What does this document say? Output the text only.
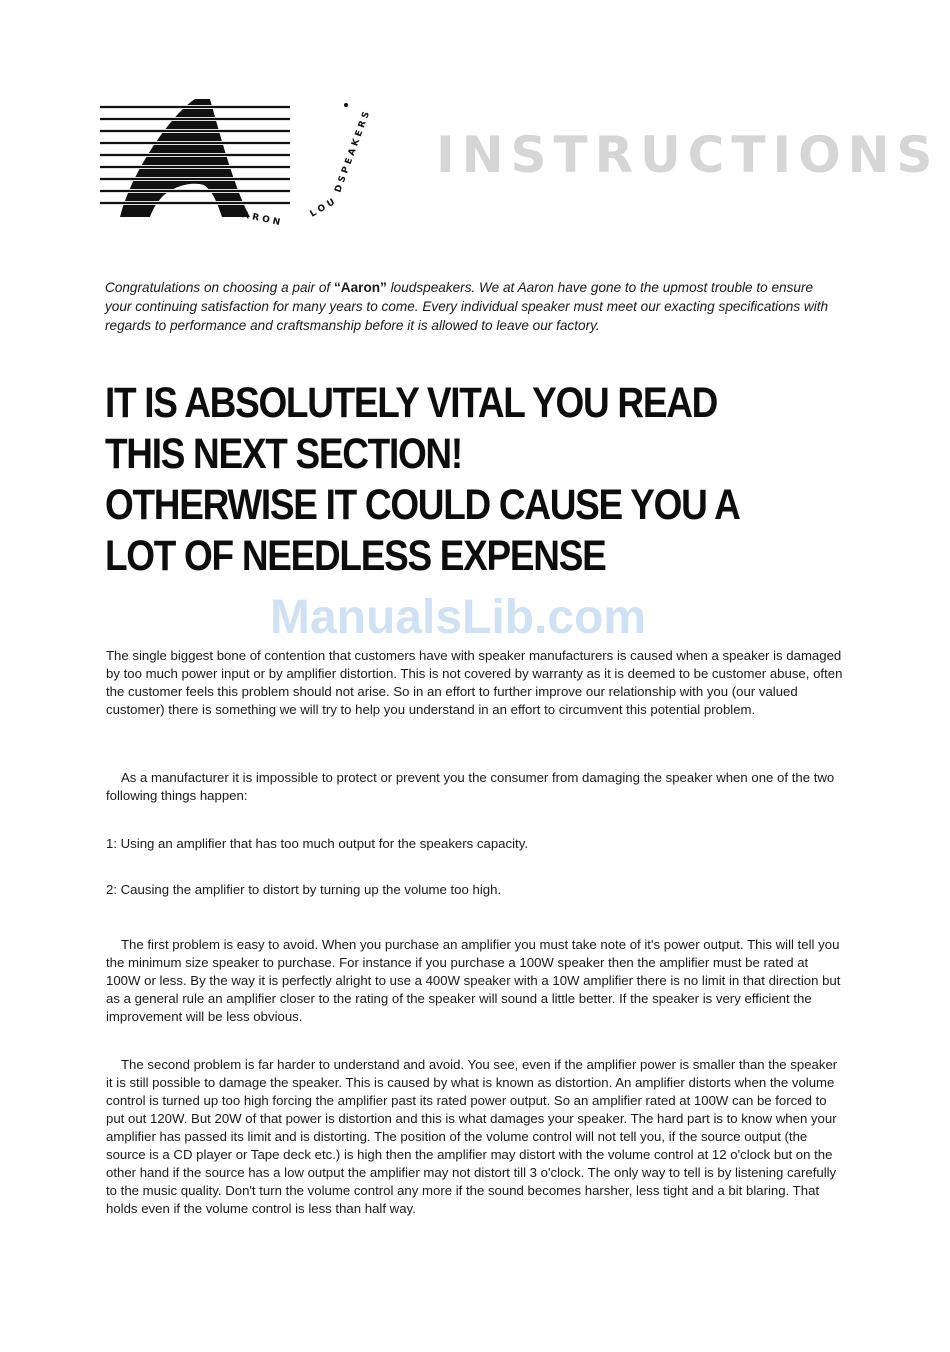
A A R O N	L O U
D S P E A K E R S INSTRUCTIONS
Congratulations on choosing a pair of “Aaron” loudspeakers. We at Aaron have gone to the upmost trouble to ensure your continuing satisfaction for many years to come. Every individual speaker must meet our exacting specifications with regards to performance and craftsmanship before it is allowed to leave our factory.
IT IS ABSOLUTELY VITAL YOU READ
THIS NEXT SECTION!
OTHERWISE IT COULD CAUSE YOU A
LOT OF NEEDLESS EXPENSE
ManualsLib.com
The single biggest bone of contention that customers have with speaker manufacturers is caused when a speaker is damaged by too much power input or by amplifier distortion. This is not covered by warranty as it is deemed to be customer abuse, often the customer feels this problem should not arise. So in an effort to further improve our relationship with you (our valued customer) there is something we will try to help you understand in an effort to circumvent this potential problem.
As a manufacturer it is impossible to protect or prevent you the consumer from damaging the speaker when one of the two following things happen:
1: Using an amplifier that has too much output for the speakers capacity.
2: Causing the amplifier to distort by turning up the volume too high.
The first problem is easy to avoid. When you purchase an amplifier you must take note of it's power output. This will tell you the minimum size speaker to purchase. For instance if you purchase a 100W speaker then the amplifier must be rated at 100W or less. By the way it is perfectly alright to use a 400W speaker with a 10W amplifier there is no limit in that direction but as a general rule an amplifier closer to the rating of the speaker will sound a little better. If the speaker is very efficient the improvement will be less obvious.
The second problem is far harder to understand and avoid. You see, even if the amplifier power is smaller than the speaker it is still possible to damage the speaker. This is caused by what is known as distortion. An amplifier distorts when the volume control is turned up too high forcing the amplifier past its rated power output. So an amplifier rated at 100W can be forced to put out 120W. But 20W of that power is distortion and this is what damages your speaker. The hard part is to know when your amplifier has passed its limit and is distorting. The position of the volume control will not tell you, if the source output (the source is a CD player or Tape deck etc.) is high then the amplifier may distort with the volume control at 12 o'clock but on the other hand if the source has a low output the amplifier may not distort till 3 o'clock. The only way to tell is by listening carefully to the music quality. Don't turn the volume control any more if the sound becomes harsher, less tight and a bit blaring. That holds even if the volume control is less than half way.
